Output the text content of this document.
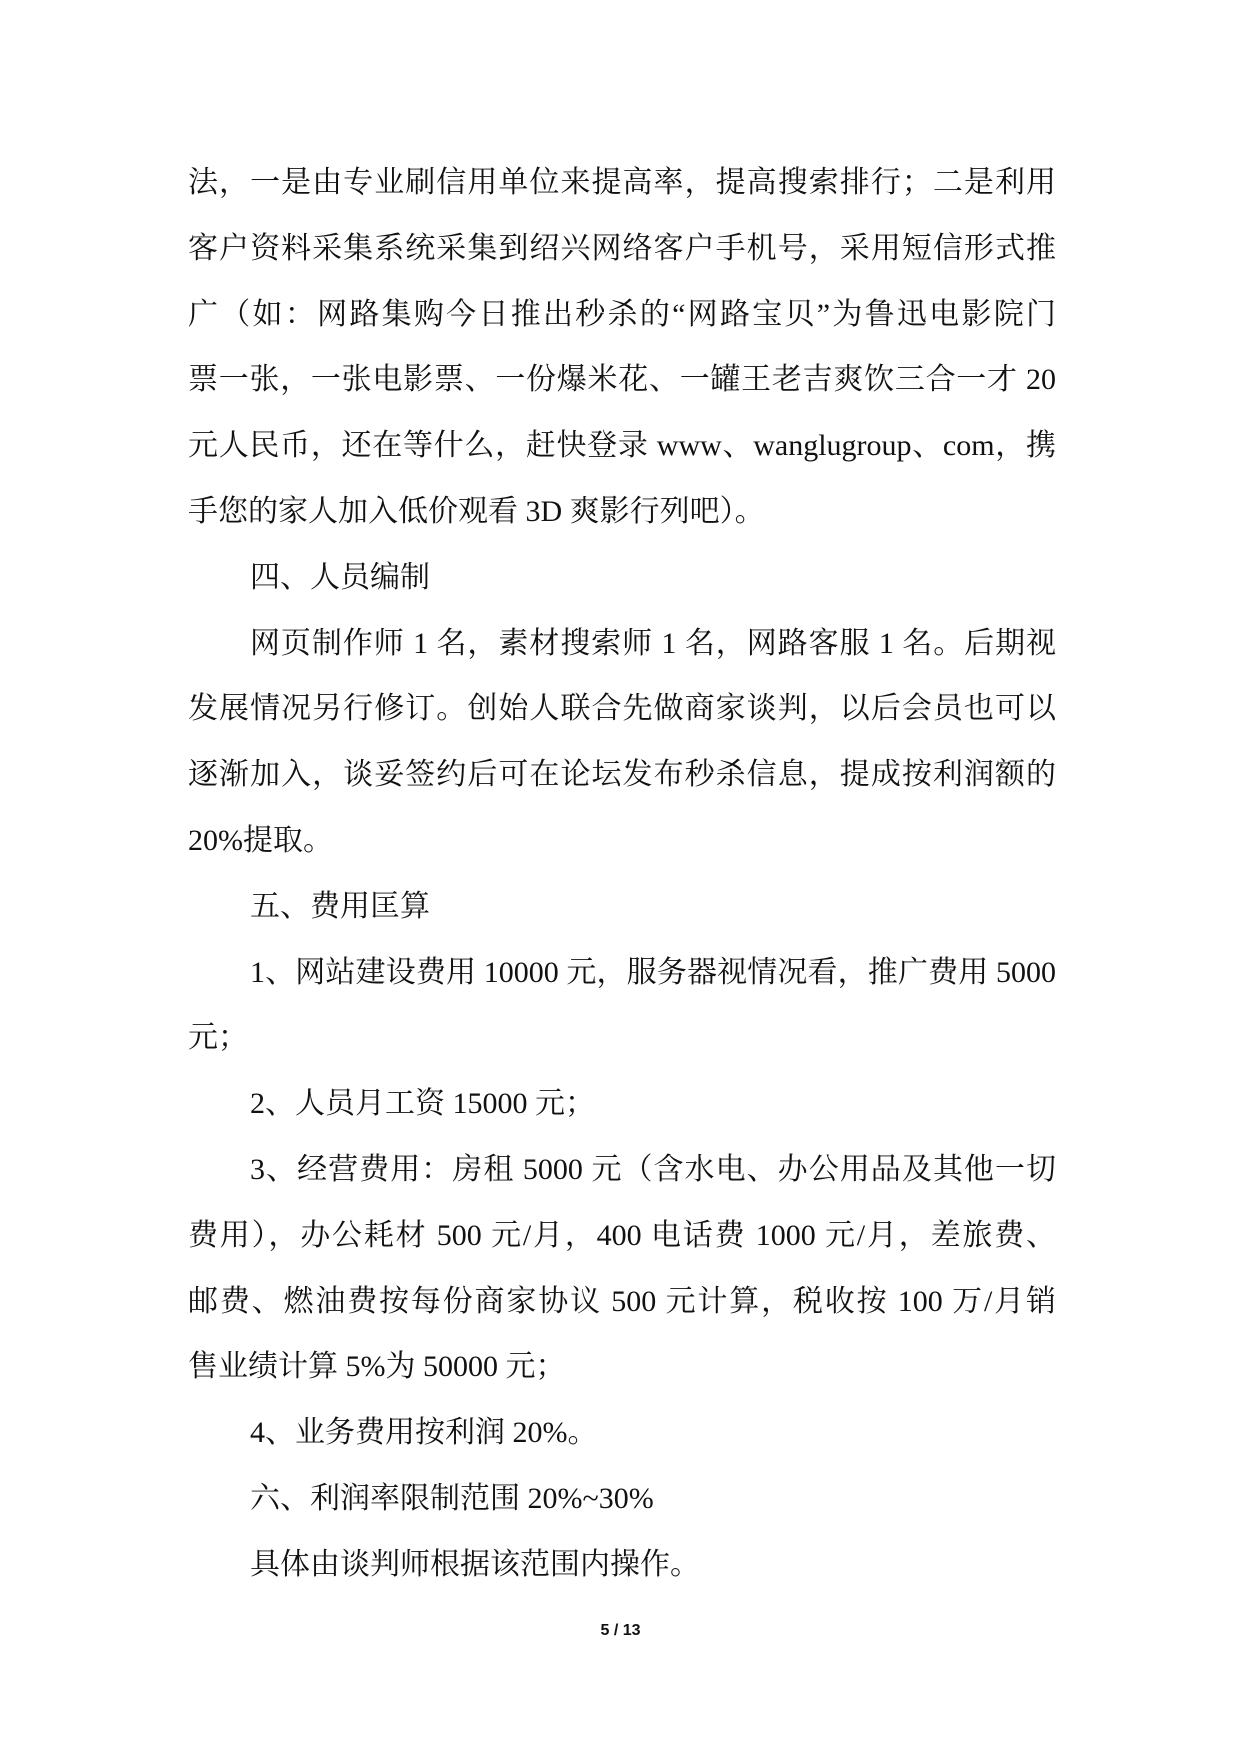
法，一是由专业刷信用单位来提高率，提高搜索排行；二是利用
客户资料采集系统采集到绍兴网络客户手机号，采用短信形式推
广（如：网路集购今日推出秒杀的“网路宝贝”为鲁迅电影院门
票一张，一张电影票、一份爆米花、一罐王老吉爽饮三合一才 20
元人民币，还在等什么，赶快登录 www、wanglugroup、com，携
手您的家人加入低价观看 3D 爽影行列吧）。
四、人员编制
网页制作师 1 名，素材搜索师 1 名，网路客服 1 名。后期视
发展情况另行修订。创始人联合先做商家谈判，以后会员也可以
逐渐加入，谈妥签约后可在论坛发布秒杀信息，提成按利润额的
20%提取。
五、费用匡算
1、网站建设费用 10000 元，服务器视情况看，推广费用 5000
元；
2、人员月工资 15000 元；
3、经营费用：房租 5000 元（含水电、办公用品及其他一切
费用），办公耗材 500 元/月，400 电话费 1000 元/月，差旅费、
邮费、燃油费按每份商家协议 500 元计算，税收按 100 万/月销
售业绩计算 5%为 50000 元；
4、业务费用按利润 20%。
六、利润率限制范围 20%~30%
具体由谈判师根据该范围内操作。
5 / 13
